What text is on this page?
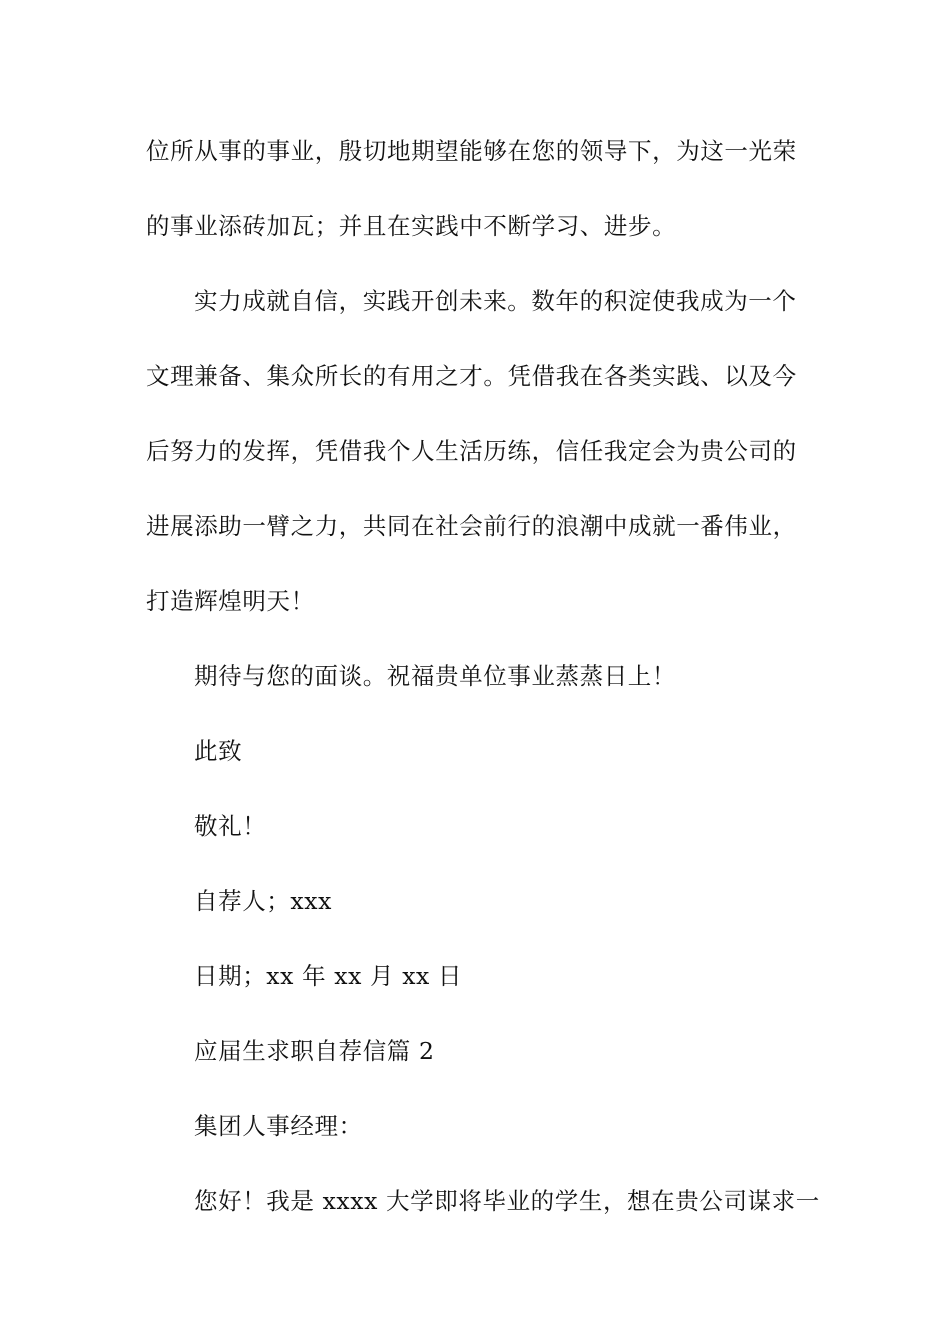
位所从事的事业，殷切地期望能够在您的领导下，为这一光荣
的事业添砖加瓦；并且在实践中不断学习、进步。
实力成就自信，实践开创未来。数年的积淀使我成为一个
文理兼备、集众所长的有用之才。凭借我在各类实践、以及今
后努力的发挥，凭借我个人生活历练，信任我定会为贵公司的
进展添助一臂之力，共同在社会前行的浪潮中成就一番伟业，
打造辉煌明天！
期待与您的面谈。祝福贵单位事业蒸蒸日上！
此致
敬礼！
自荐人；xxx
日期；xx 年 xx 月 xx 日
应届生求职自荐信篇 2
集团人事经理：
您好！我是 xxxx 大学即将毕业的学生，想在贵公司谋求一
